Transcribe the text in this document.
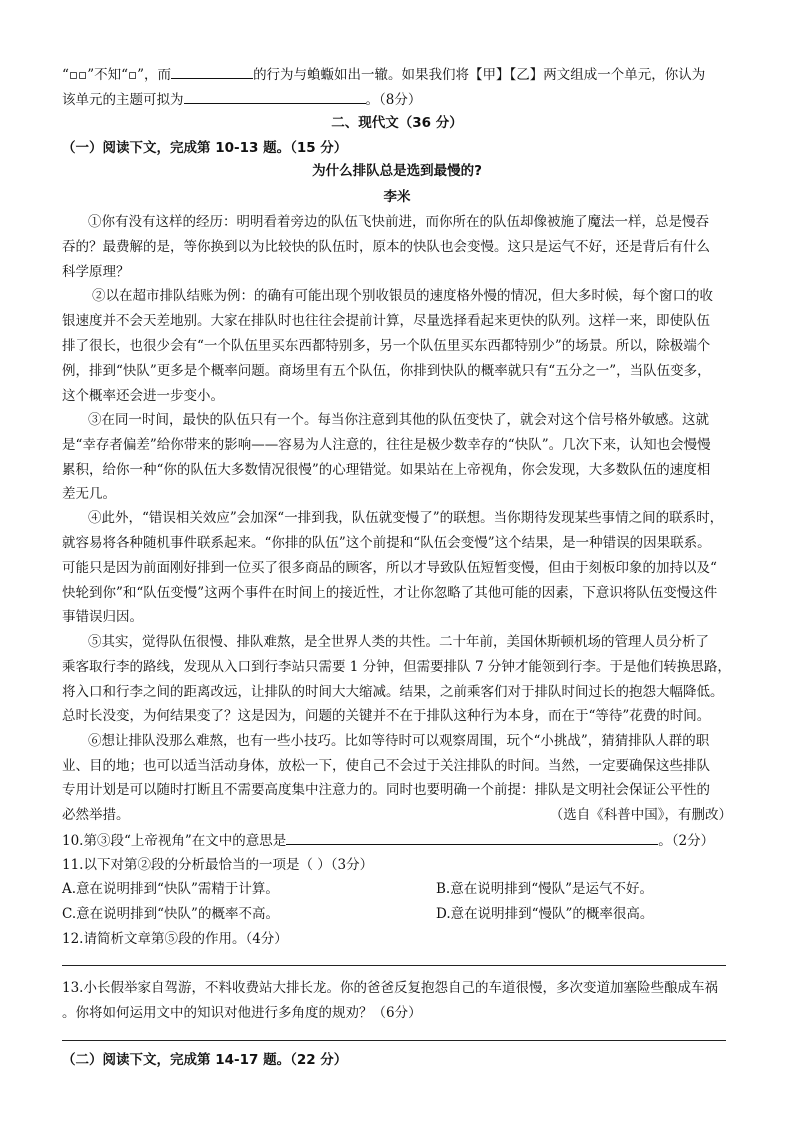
“▫▫”不知“▫”，而	的行为与蝜蝂如出一辙。如果我们将【甲】【乙】两文组成一个单元，你认为
该单元的主题可拟为	。（8分）
二、现代文（36 分）
（一）阅读下文，完成第 10-13 题。（15 分）
为什么排队总是选到最慢的?
李米
①你有没有这样的经历：明明看着旁边的队伍飞快前进，而你所在的队伍却像被施了魔法一样，总是慢吞
吞的？最费解的是，等你换到以为比较快的队伍时，原本的快队也会变慢。这只是运气不好，还是背后有什么
科学原理？
②以在超市排队结账为例：的确有可能出现个别收银员的速度格外慢的情况，但大多时候，每个窗口的收
银速度并不会天差地别。大家在排队时也往往会提前计算，尽量选择看起来更快的队列。这样一来，即使队伍
排了很长，也很少会有“一个队伍里买东西都特别多，另一个队伍里买东西都特别少”的场景。所以，除极端个
例，排到“快队”更多是个概率问题。商场里有五个队伍，你排到快队的概率就只有“五分之一”，当队伍变多，
这个概率还会进一步变小。
③在同一时间，最快的队伍只有一个。每当你注意到其他的队伍变快了，就会对这个信号格外敏感。这就
是“幸存者偏差”给你带来的影响——容易为人注意的，往往是极少数幸存的“快队”。几次下来，认知也会慢慢
累积，给你一种“你的队伍大多数情况很慢”的心理错觉。如果站在上帝视角，你会发现，大多数队伍的速度相
差无几。
④此外，“错误相关效应”会加深“一排到我，队伍就变慢了”的联想。当你期待发现某些事情之间的联系时，
就容易将各种随机事件联系起来。“你排的队伍”这个前提和“队伍会变慢”这个结果，是一种错误的因果联系。
可能只是因为前面刚好排到一位买了很多商品的顾客，所以才导致队伍短暂变慢，但由于刻板印象的加持以及“
快轮到你”和“队伍变慢”这两个事件在时间上的接近性，才让你忽略了其他可能的因素，下意识将队伍变慢这件
事错误归因。
⑤其实，觉得队伍很慢、排队难熬，是全世界人类的共性。二十年前，美国休斯顿机场的管理人员分析了
乘客取行李的路线，发现从入口到行李站只需要 1 分钟，但需要排队 7 分钟才能领到行李。于是他们转换思路，
将入口和行李之间的距离改远，让排队的时间大大缩减。结果，之前乘客们对于排队时间过长的抱怨大幅降低。
总时长没变，为何结果变了？这是因为，问题的关键并不在于排队这种行为本身，而在于“等待”花费的时间。
⑥想让排队没那么难熬，也有一些小技巧。比如等待时可以观察周围，玩个“小挑战”，猜猜排队人群的职
业、目的地；也可以适当活动身体，放松一下，使自己不会过于关注排队的时间。当然，一定要确保这些排队
专用计划是可以随时打断且不需要高度集中注意力的。同时也要明确一个前提：排队是文明社会保证公平性的
必然举措。	（选自《科普中国》，有删改）
10.第③段“上帝视角”在文中的意思是	。（2分）
11.以下对第②段的分析最恰当的一项是（ ）（3分）
A.意在说明排到“快队”需精于计算。	B.意在说明排到“慢队”是运气不好。
C.意在说明排到“快队”的概率不高。	D.意在说明排到“慢队”的概率很高。
12.请简析文章第⑤段的作用。（4分）
13.小长假举家自驾游，不料收费站大排长龙。你的爸爸反复抱怨自己的车道很慢，多次变道加塞险些酿成车祸
。你将如何运用文中的知识对他进行多角度的规劝？（6分）
（二）阅读下文，完成第 14-17 题。（22 分）
